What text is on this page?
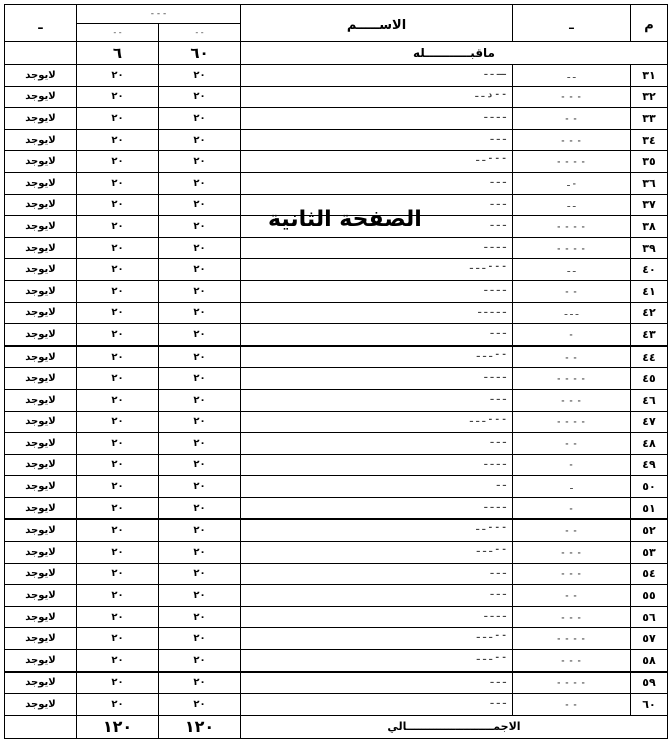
ـ	- - -
- - - -		الاســـــم	ـ	م
	٦	٦٠	ماقبـــــــــــله		
لايوجد	٢٠	٢٠	ـــ ـ ـ	ـ ـ	٣١
لايوجد	٢٠	٢٠	د ـ ـ - -	- - -	٣٢
لايوجد	٢٠	٢٠	ـ ـ ـ ـ	- -	٣٣
لايوجد	٢٠	٢٠	ـ ـ ـ	- - -	٣٤
لايوجد	٢٠	٢٠	ـ ـ - - -	- - - -	٣٥
لايوجد	٢٠	٢٠	ـ ـ ـ	ـ -	٣٦
لايوجد	٢٠	٢٠	ـ ـ ـ	ـ ـ	٣٧
لايوجد	٢٠	٢٠	ـ ـ ـ	- - - -	٣٨
لايوجد	٢٠	٢٠	ـ ـ ـ ـ	- - - -	٣٩
لايوجد	٢٠	٢٠	ـ ـ ـ - - -	ـ ـ	٤٠
لايوجد	٢٠	٢٠	ـ ـ ـ ـ	- -	٤١
لايوجد	٢٠	٢٠	ـ ـ ـ ـ ـ	ـ ـ ـ	٤٢
لايوجد	٢٠	٢٠	ـ ـ ـ	-	٤٣
لايوجد	٢٠	٢٠	ـ ـ ـ - -	- -	٤٤
لايوجد	٢٠	٢٠	ـ ـ ـ ـ	- - - -	٤٥
لايوجد	٢٠	٢٠	ـ ـ ـ	- - -	٤٦
لايوجد	٢٠	٢٠	ـ ـ ـ - - -	- - - -	٤٧
لايوجد	٢٠	٢٠	ـ ـ ـ	- -	٤٨
لايوجد	٢٠	٢٠	ـ ـ ـ ـ	-	٤٩
لايوجد	٢٠	٢٠	ـ ـ	ـ	٥٠
لايوجد	٢٠	٢٠	ـ ـ ـ ـ	-	٥١
لايوجد	٢٠	٢٠	ـ ـ - - -	- -	٥٢
لايوجد	٢٠	٢٠	ـ ـ ـ - -	- - -	٥٣
لايوجد	٢٠	٢٠	ـ ـ ـ	- - -	٥٤
لايوجد	٢٠	٢٠	ـ ـ ـ	- -	٥٥
لايوجد	٢٠	٢٠	ـ ـ ـ ـ	- - -	٥٦
لايوجد	٢٠	٢٠	ـ ـ ـ - -	- - - -	٥٧
لايوجد	٢٠	٢٠	ـ ـ ـ - -	- - -	٥٨
لايوجد	٢٠	٢٠	ـ ـ ـ	- - - -	٥٩
لايوجد	٢٠	٢٠	ـ ـ ـ	- -	٦٠
	١٢٠	١٢٠	الاجمـــــــــــــــــــــــالي		
الصفحة الثانية
